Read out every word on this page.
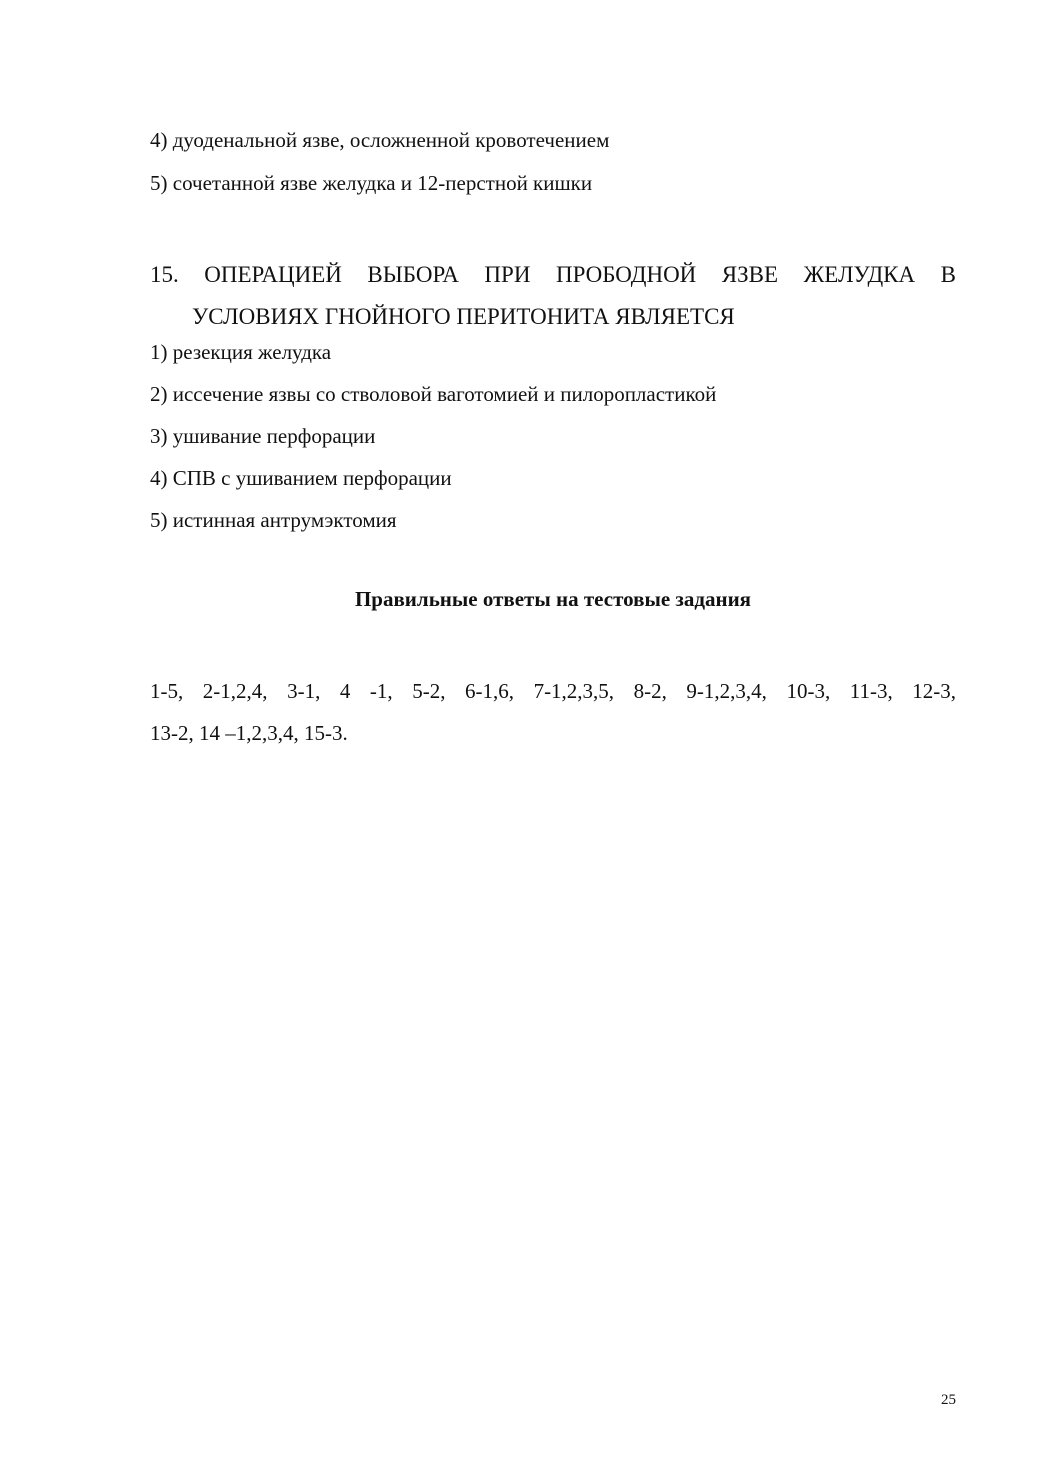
4) дуоденальной язве, осложненной кровотечением
5) сочетанной язве желудка и 12-перстной кишки
15. ОПЕРАЦИЕЙ ВЫБОРА ПРИ ПРОБОДНОЙ ЯЗВЕ ЖЕЛУДКА В
УСЛОВИЯХ ГНОЙНОГО ПЕРИТОНИТА ЯВЛЯЕТСЯ
1) резекция желудка
2) иссечение язвы со стволовой ваготомией и пилоропластикой
3) ушивание перфорации
4) СПВ с ушиванием перфорации
5) истинная антрумэктомия
Правильные ответы на тестовые задания
1-5, 2-1,2,4, 3-1, 4 -1, 5-2, 6-1,6, 7-1,2,3,5, 8-2, 9-1,2,3,4, 10-3, 11-3, 12-3,
13-2, 14 –1,2,3,4, 15-3.
25
